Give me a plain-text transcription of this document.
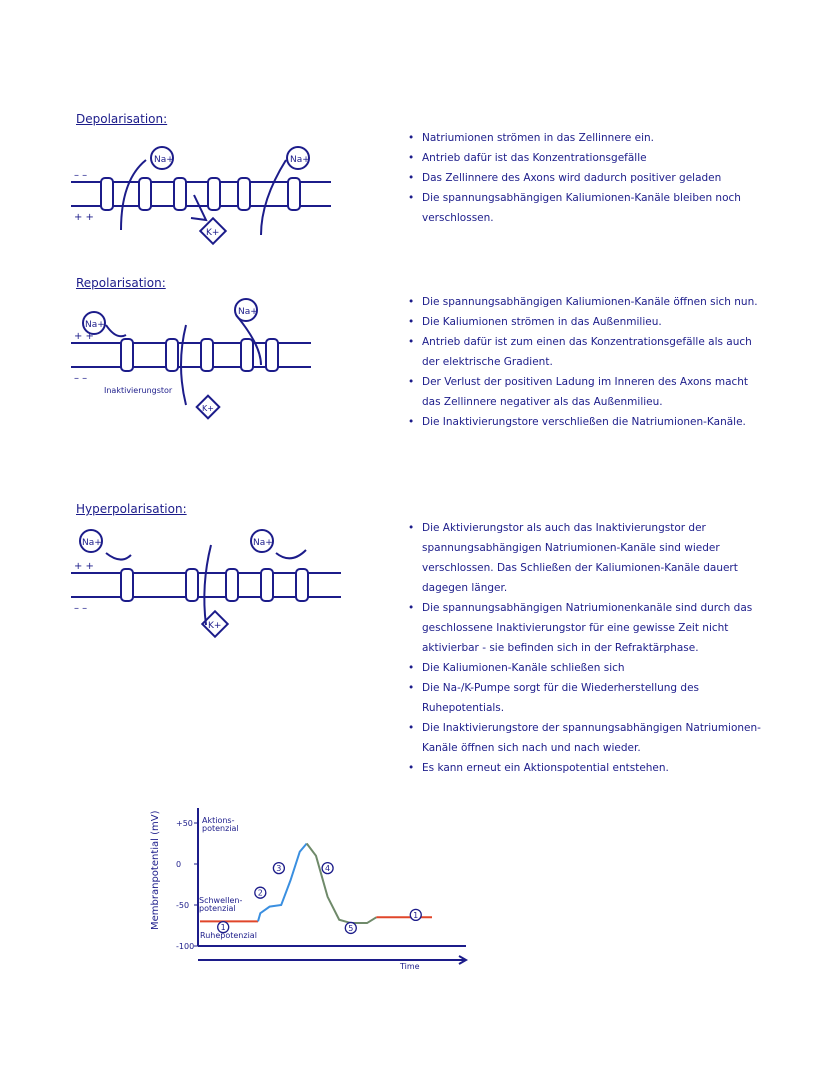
Depolarisation:
Na+	Na+
K+
– –
+ +
• Natriumionen strömen in das Zellinnere ein.
• Antrieb dafür ist das Konzentrationsgefälle
• Das Zellinnere des Axons wird dadurch positiver geladen
• Die spannungsabhängigen Kaliumionen-Kanäle bleiben noch verschlossen.
Repolarisation:
Na+
Na+
K+
Inaktivierungstor
+ +
– –
• Die spannungsabhängigen Kaliumionen-Kanäle öffnen sich nun.
• Die Kaliumionen strömen in das Außenmilieu.
• Antrieb dafür ist zum einen das Konzentrationsgefälle als auch der elektrische Gradient.
• Der Verlust der positiven Ladung im Inneren des Axons macht das Zellinnere negativer als das Außenmilieu.
• Die Inaktivierungstore verschließen die Natriumionen-Kanäle.
Hyperpolarisation:
Na+	Na+
K+
+ +
– –
• Die Aktivierungstor als auch das Inaktivierungstor der spannungsabhängigen Natriumionen-Kanäle sind wieder verschlossen. Das Schließen der Kaliumionen-Kanäle dauert dagegen länger.
• Die spannungsabhängigen Natriumionenkanäle sind durch das geschlossene Inaktivierungstor für eine gewisse Zeit nicht aktivierbar - sie befinden sich in der Refraktärphase.
• Die Kaliumionen-Kanäle schließen sich
• Die Na-/K-Pumpe sorgt für die Wiederherstellung des Ruhepotentials.
• Die Inaktivierungstore der spannungsabhängigen Natriumionen-Kanäle öffnen sich nach und nach wieder.
• Es kann erneut ein Aktionspotential entstehen.
+50
0
-50
-100
1
2
3	4
5
1
Membranpotential (mV)
Time
Aktions-
potenzial
Schwellen-
potenzial
Ruhepotenzial
